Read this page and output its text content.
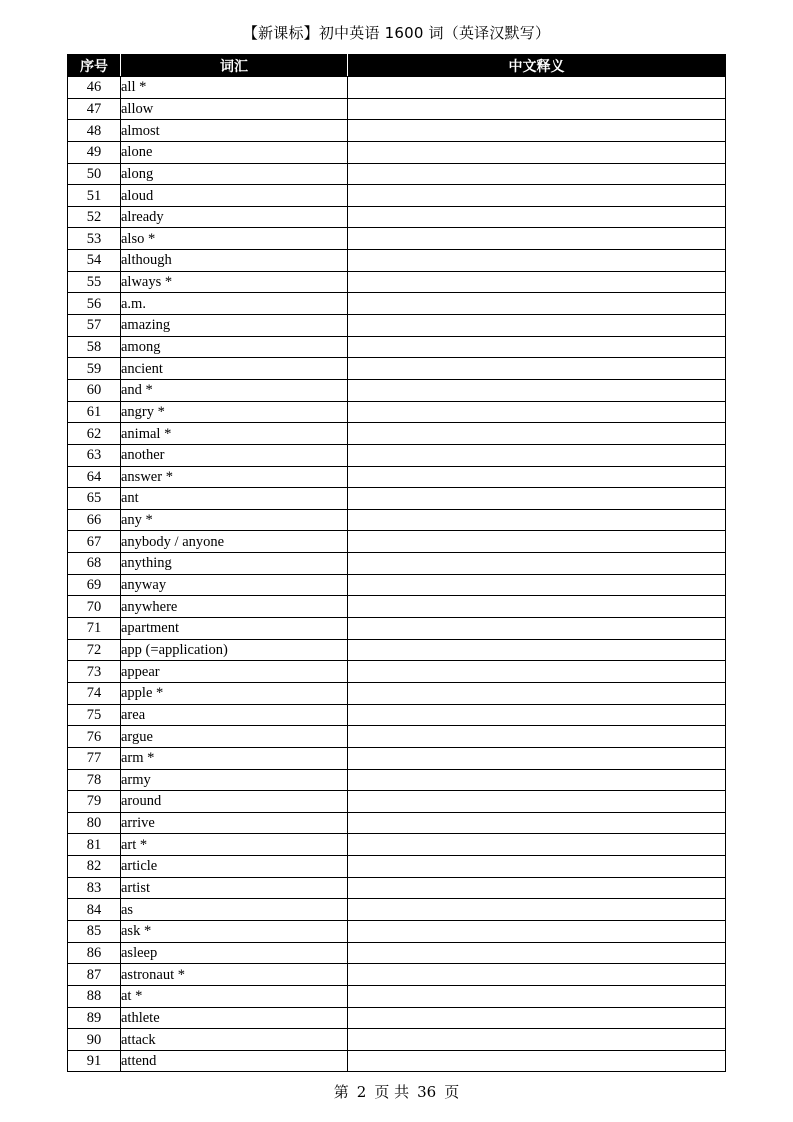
【新课标】初中英语 1600 词（英译汉默写）
序号	词汇	中文释义
46	all *	
47	allow	
48	almost	
49	alone	
50	along	
51	aloud	
52	already	
53	also *	
54	although	
55	always *	
56	a.m.	
57	amazing	
58	among	
59	ancient	
60	and *	
61	angry *	
62	animal *	
63	another	
64	answer *	
65	ant	
66	any *	
67	anybody / anyone	
68	anything	
69	anyway	
70	anywhere	
71	apartment	
72	app (=application)	
73	appear	
74	apple *	
75	area	
76	argue	
77	arm *	
78	army	
79	around	
80	arrive	
81	art *	
82	article	
83	artist	
84	as	
85	ask *	
86	asleep	
87	astronaut *	
88	at *	
89	athlete	
90	attack	
91	attend	
第 2 页 共 36 页
